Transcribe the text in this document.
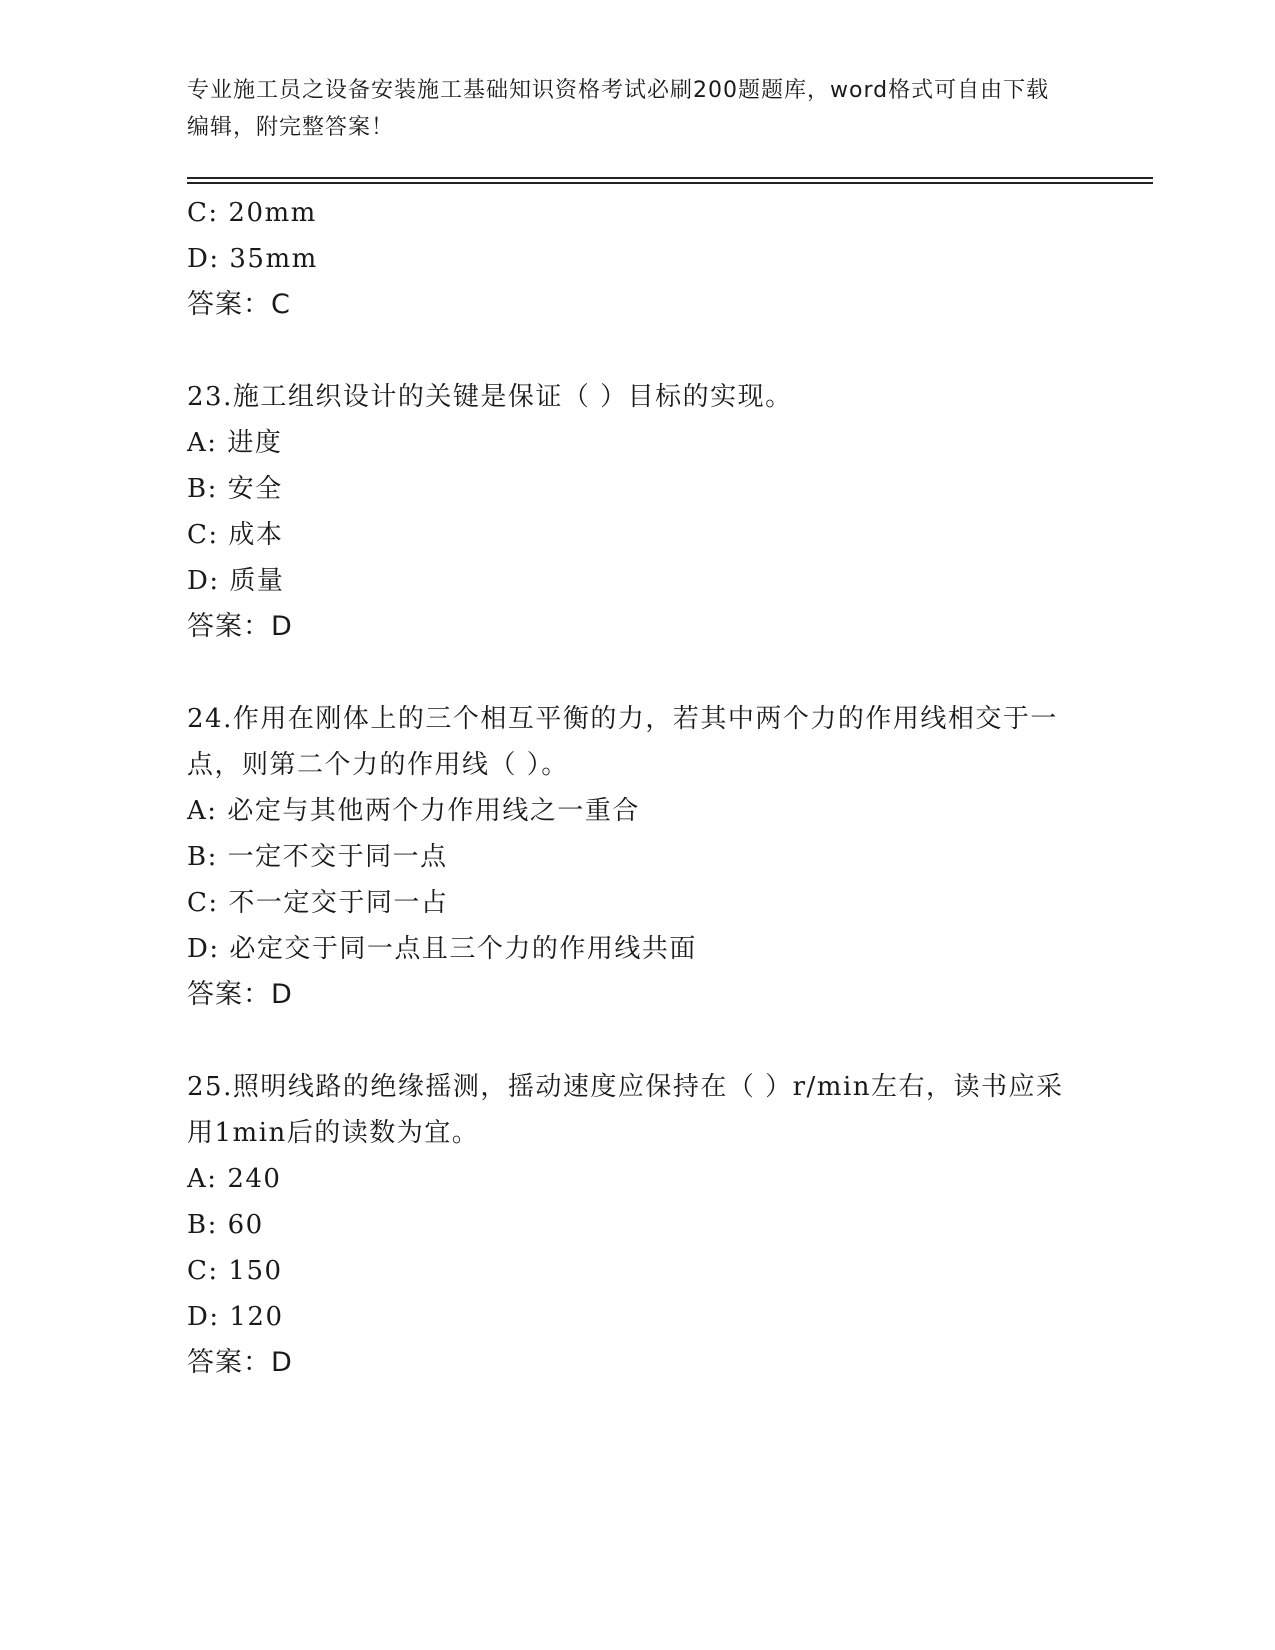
专业施工员之设备安装施工基础知识资格考试必刷200题题库，word格式可自由下载编辑，附完整答案！
C: 20mm
D: 35mm
答案：C
23.施工组织设计的关键是保证（ ）目标的实现。
A: 进度
B: 安全
C: 成本
D: 质量
答案：D
24.作用在刚体上的三个相互平衡的力，若其中两个力的作用线相交于一点，则第二个力的作用线（ ）。
A: 必定与其他两个力作用线之一重合
B: 一定不交于同一点
C: 不一定交于同一占
D: 必定交于同一点且三个力的作用线共面
答案：D
25.照明线路的绝缘摇测，摇动速度应保持在（ ）r/min左右，读书应采用1min后的读数为宜。
A: 240
B: 60
C: 150
D: 120
答案：D
